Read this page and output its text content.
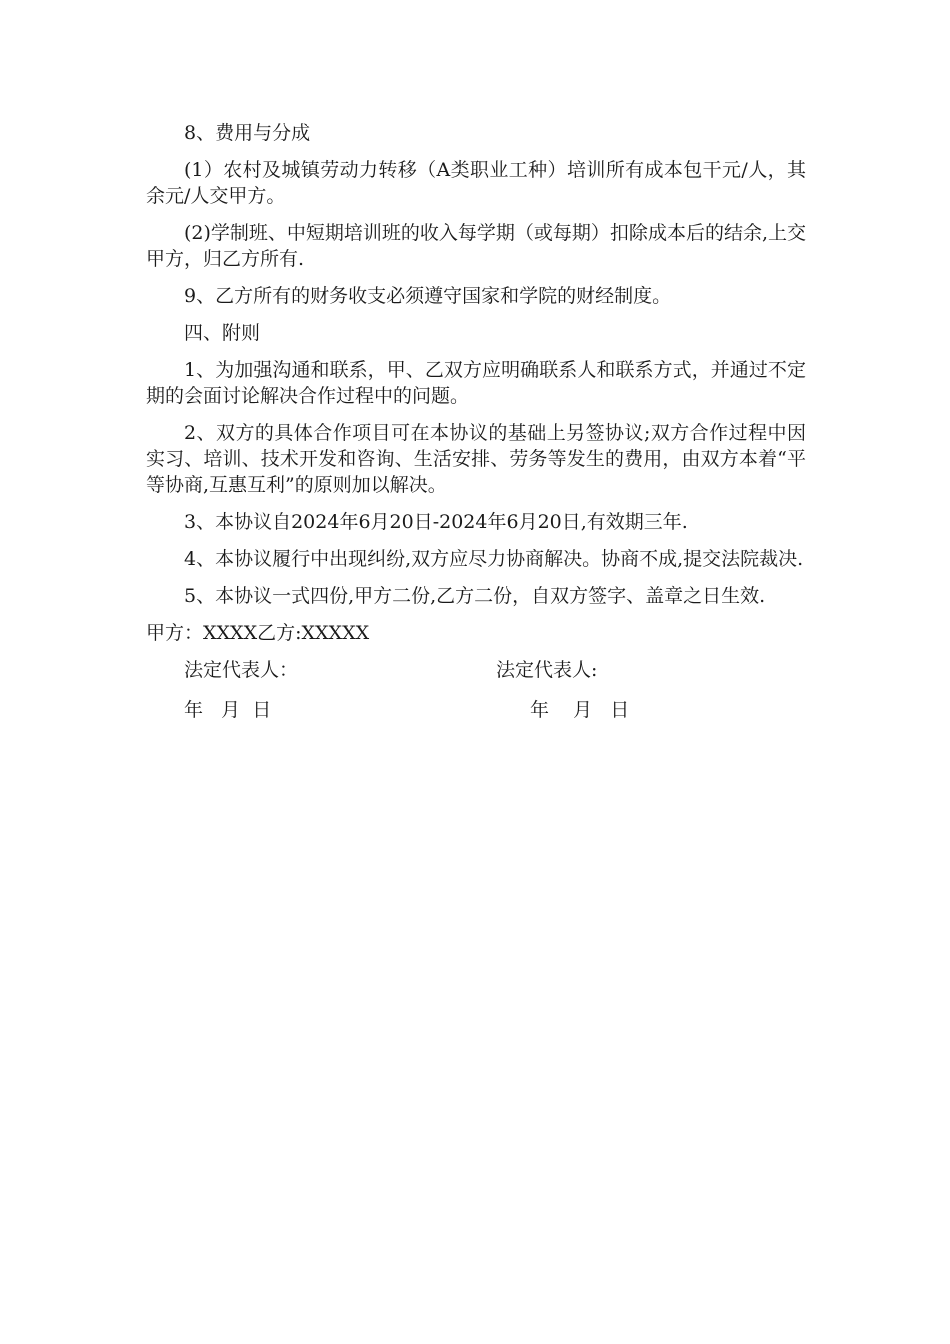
8、费用与分成

(1）农村及城镇劳动力转移（A类职业工种）培训所有成本包干元/人，其余元/人交甲方。

(2)学制班、中短期培训班的收入每学期（或每期）扣除成本后的结余,上交甲方，归乙方所有.

9、乙方所有的财务收支必须遵守国家和学院的财经制度。

四、附则

1、为加强沟通和联系，甲、乙双方应明确联系人和联系方式，并通过不定期的会面讨论解决合作过程中的问题。

2、双方的具体合作项目可在本协议的基础上另签协议;双方合作过程中因实习、培训、技术开发和咨询、生活安排、劳务等发生的费用，由双方本着“平等协商,互惠互利”的原则加以解决。

3、本协议自2024年6月20日-2024年6月20日,有效期三年.

4、本协议履行中出现纠纷,双方应尽力协商解决。协商不成,提交法院裁决.

5、本协议一式四份,甲方二份,乙方二份，自双方签字、盖章之日生效.

甲方：XXXX乙方:XXXXX

法定代表人：	法定代表人:
年   月  日	年    月   日
